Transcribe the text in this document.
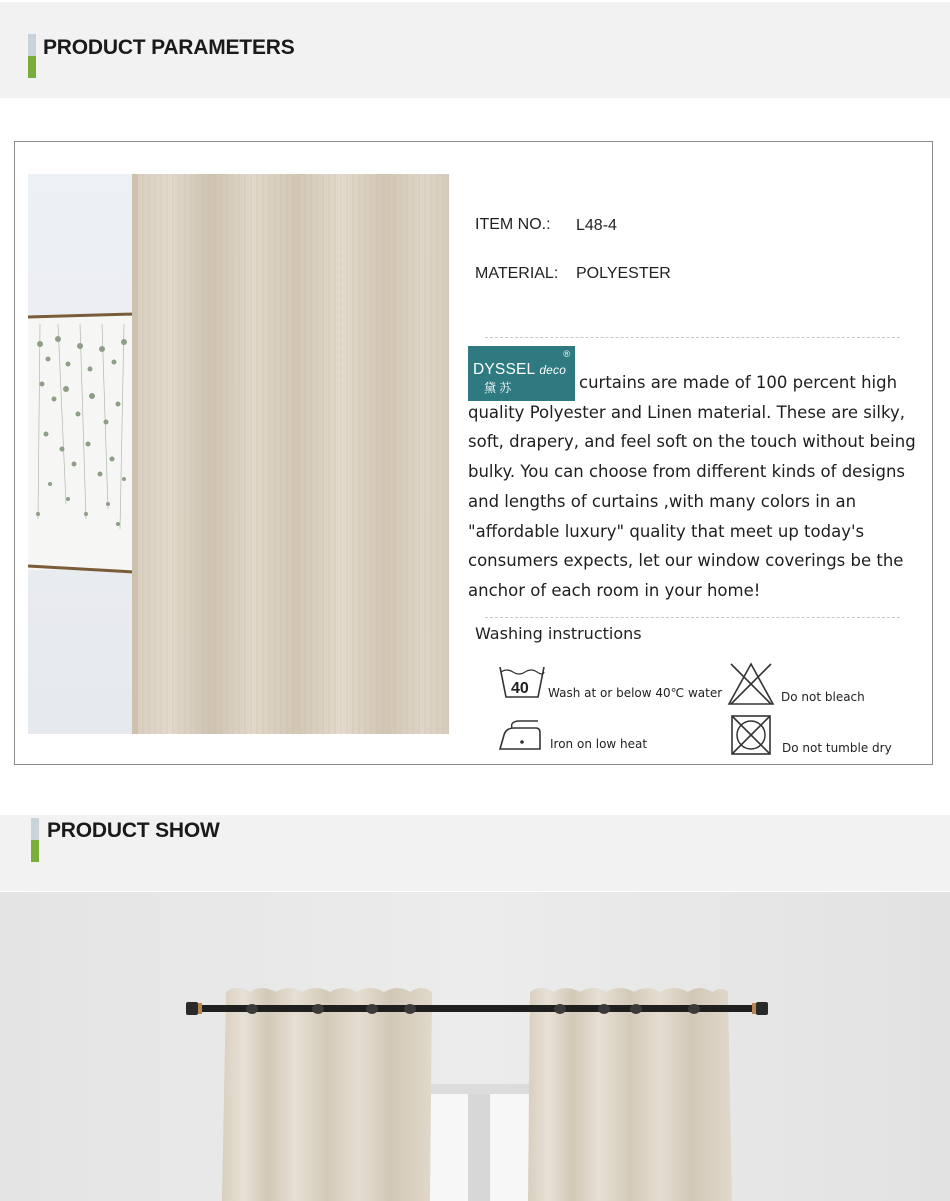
PRODUCT PARAMETERS
ITEM NO.: L48-4
MATERIAL: POLYESTER
®
DYSSEL deco
黛 苏	curtains are made of 100 percent high quality Polyester and Linen material. These are silky, soft, drapery, and feel soft on the touch without being bulky. You can choose from different kinds of designs and lengths of curtains ,with many colors in an "affordable luxury" quality that meet up today's consumers expects, let our window coverings be the anchor of each room in your home!
Washing instructions
40 Wash at or below 40℃ water	Do not bleach
Iron on low heat	Do not tumble dry
PRODUCT SHOW
